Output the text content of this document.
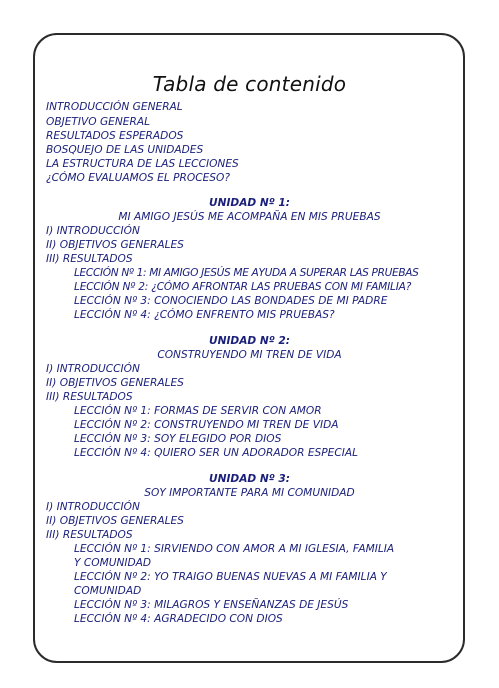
Tabla de contenido
INTRODUCCIÓN GENERAL
OBJETIVO GENERAL
RESULTADOS ESPERADOS
BOSQUEJO DE LAS UNIDADES
LA ESTRUCTURA DE LAS LECCIONES
¿CÓMO EVALUAMOS EL PROCESO?
UNIDAD Nº 1:
MI AMIGO JESÚS ME ACOMPAÑA EN MIS PRUEBAS
I) INTRODUCCIÓN
II) OBJETIVOS GENERALES
III) RESULTADOS
LECCIÓN Nº 1: MI AMIGO JESÚS ME AYUDA A SUPERAR LAS PRUEBAS
LECCIÓN Nº 2: ¿CÓMO AFRONTAR LAS PRUEBAS CON MI FAMILIA?
LECCIÓN Nº 3: CONOCIENDO LAS BONDADES DE MI PADRE
LECCIÓN Nº 4: ¿CÓMO ENFRENTO MIS PRUEBAS?
UNIDAD Nº 2:
CONSTRUYENDO MI TREN DE VIDA
I) INTRODUCCIÓN
II) OBJETIVOS GENERALES
III) RESULTADOS
LECCIÓN Nº 1: FORMAS DE SERVIR CON AMOR
LECCIÓN Nº 2: CONSTRUYENDO MI TREN DE VIDA
LECCIÓN Nº 3: SOY ELEGIDO POR DIOS
LECCIÓN Nº 4: QUIERO SER UN ADORADOR ESPECIAL
UNIDAD Nº 3:
SOY IMPORTANTE PARA MI COMUNIDAD
I) INTRODUCCIÓN
II) OBJETIVOS GENERALES
III) RESULTADOS
LECCIÓN Nº 1: SIRVIENDO CON AMOR A MI IGLESIA, FAMILIA
Y COMUNIDAD
LECCIÓN Nº 2: YO TRAIGO BUENAS NUEVAS A MI FAMILIA Y
COMUNIDAD
LECCIÓN Nº 3: MILAGROS Y ENSEÑANZAS DE JESÚS
LECCIÓN Nº 4: AGRADECIDO CON DIOS
